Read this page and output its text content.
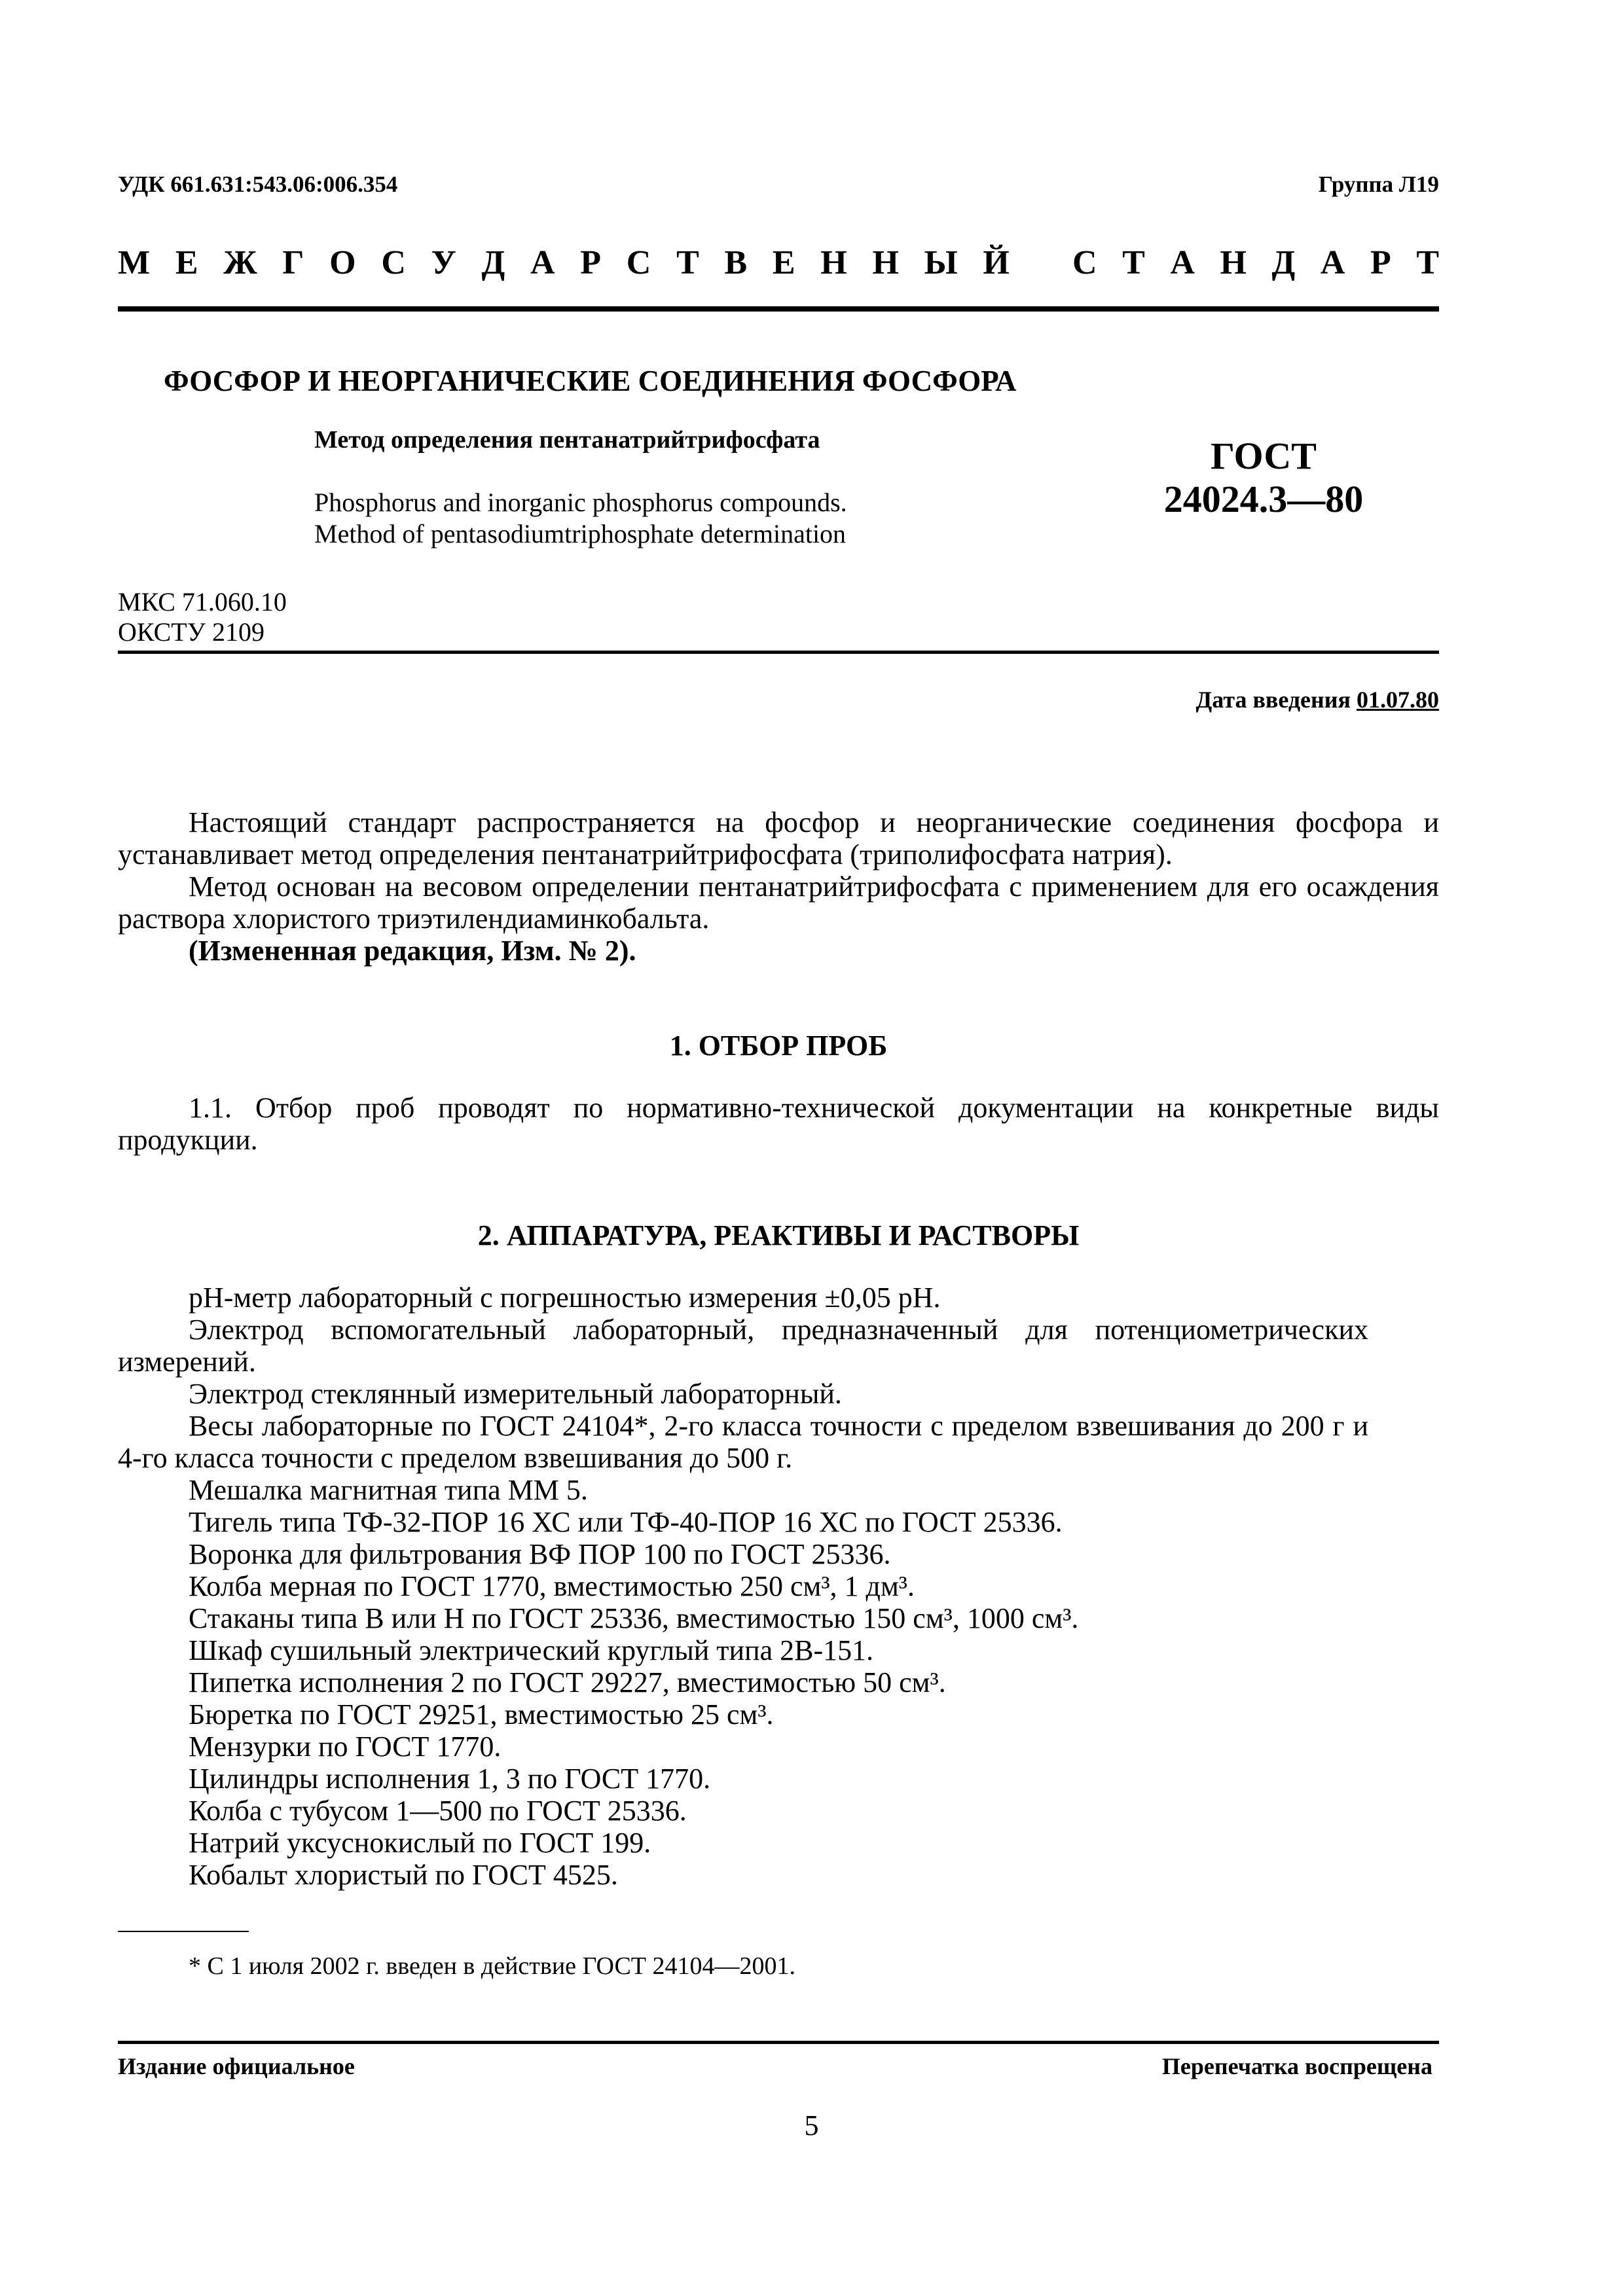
УДК 661.631:543.06:006.354	Группа Л19
М Е Ж Г О С У Д А Р С Т В Е Н Н Ы Й С Т А Н Д А Р Т
ФОСФОР И НЕОРГАНИЧЕСКИЕ СОЕДИНЕНИЯ ФОСФОРА
Метод определения пентанатрийтрифосфата
Phosphorus and inorganic phosphorus compounds.
Method of pentasodiumtriphosphate determination
ГОСТ
24024.3—80
МКС 71.060.10
ОКСТУ 2109
Дата введения 01.07.80

Настоящий стандарт распространяется на фосфор и неорганические соединения фосфора и устанавливает метод определения пентанатрийтрифосфата (триполифосфата натрия).

Метод основан на весовом определении пентанатрийтрифосфата с применением для его осаждения раствора хлористого триэтилендиаминкобальта.

(Измененная редакция, Изм. № 2).

1. ОТБОР ПРОБ

1.1. Отбор проб проводят по нормативно-технической документации на конкретные виды продукции.

2. АППАРАТУРА, РЕАКТИВЫ И РАСТВОРЫ
рН-метр лабораторный с погрешностью измерения ±0,05 рН.
Электрод вспомогательный лабораторный, предназначенный для потенциометрических измерений.
Электрод стеклянный измерительный лабораторный.
Весы лабораторные по ГОСТ 24104*, 2-го класса точности с пределом взвешивания до 200 г и 4-го класса точности с пределом взвешивания до 500 г.
Мешалка магнитная типа ММ 5.
Тигель типа ТФ-32-ПОР 16 ХС или ТФ-40-ПОР 16 ХС по ГОСТ 25336.
Воронка для фильтрования ВФ ПОР 100 по ГОСТ 25336.
Колба мерная по ГОСТ 1770, вместимостью 250 см³, 1 дм³.
Стаканы типа В или Н по ГОСТ 25336, вместимостью 150 см³, 1000 см³.
Шкаф сушильный электрический круглый типа 2В-151.
Пипетка исполнения 2 по ГОСТ 29227, вместимостью 50 см³.
Бюретка по ГОСТ 29251, вместимостью 25 см³.
Мензурки по ГОСТ 1770.
Цилиндры исполнения 1, 3 по ГОСТ 1770.
Колба с тубусом 1—500 по ГОСТ 25336.
Натрий уксуснокислый по ГОСТ 199.
Кобальт хлористый по ГОСТ 4525.
* С 1 июля 2002 г. введен в действие ГОСТ 24104—2001.
Издание официальное	Перепечатка воспрещена
5
